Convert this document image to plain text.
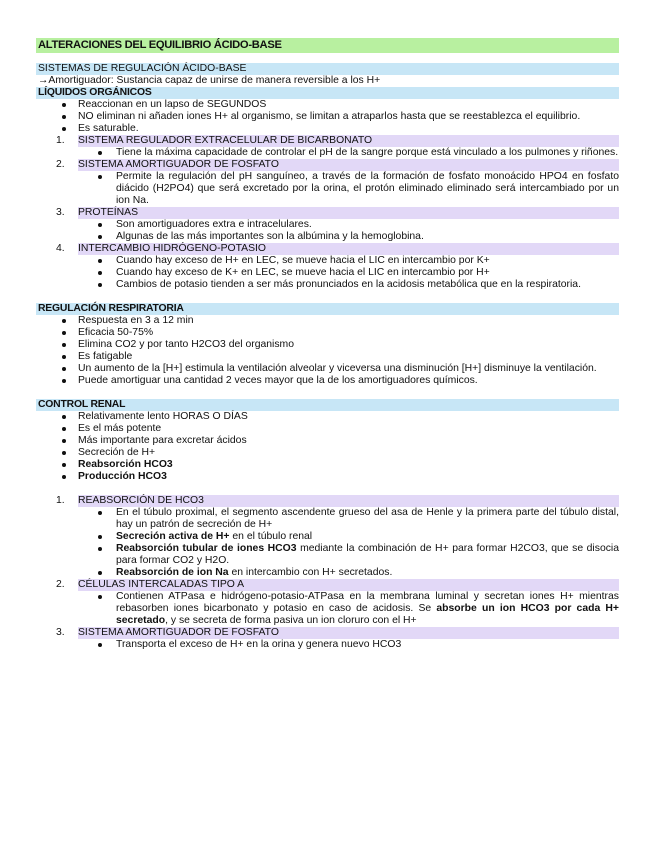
ALTERACIONES DEL EQUILIBRIO ÁCIDO-BASE
SISTEMAS DE REGULACIÓN ÁCIDO-BASE
→Amortiguador: Sustancia capaz de unirse de manera reversible a los H+
LÍQUIDOS ORGÁNICOS
Reaccionan en un lapso de SEGUNDOS
NO eliminan ni añaden iones H+ al organismo, se limitan a atraparlos hasta que se reestablezca el equilibrio.
Es saturable.
1. SISTEMA REGULADOR EXTRACELULAR DE BICARBONATO
Tiene la máxima capacidade de controlar el pH de la sangre porque está vinculado a los pulmones y riñones.
2. SISTEMA AMORTIGUADOR DE FOSFATO
Permite la regulación del pH sanguíneo, a través de la formación de fosfato monoácido HPO4 en fosfato diácido (H2PO4) que será excretado por la orina, el protón eliminado eliminado será intercambiado por un ion Na.
3. PROTEÍNAS
Son amortiguadores extra e intracelulares.
Algunas de las más importantes son la albúmina y la hemoglobina.
4. INTERCAMBIO HIDRÓGENO-POTASIO
Cuando hay exceso de H+ en LEC, se mueve hacia el LIC en intercambio por K+
Cuando hay exceso de K+ en LEC, se mueve hacia el LIC en intercambio por H+
Cambios de potasio tienden a ser más pronunciados en la acidosis metabólica que en la respiratoria.
REGULACIÓN RESPIRATORIA
Respuesta en 3 a 12 min
Eficacia 50-75%
Elimina CO2 y por tanto H2CO3 del organismo
Es fatigable
Un aumento de la [H+] estimula la ventilación alveolar y viceversa una disminución [H+] disminuye la ventilación.
Puede amortiguar una cantidad 2 veces mayor que la de los amortiguadores químicos.
CONTROL RENAL
Relativamente lento HORAS O DÍAS
Es el más potente
Más importante para excretar ácidos
Secreción de H+
Reabsorción HCO3
Producción HCO3
1. REABSORCIÓN DE HCO3
En el túbulo proximal, el segmento ascendente grueso del asa de Henle y la primera parte del túbulo distal, hay un patrón de secreción de H+
Secreción activa de H+ en el túbulo renal
Reabsorción tubular de iones HCO3 mediante la combinación de H+ para formar H2CO3, que se disocia para formar CO2 y H2O.
Reabsorción de ion Na en intercambio con H+ secretados.
2. CÉLULAS INTERCALADAS TIPO A
Contienen ATPasa e hidrógeno-potasio-ATPasa en la membrana luminal y secretan iones H+ mientras rebasorben iones bicarbonato y potasio en caso de acidosis. Se absorbe un ion HCO3 por cada H+ secretado, y se secreta de forma pasiva un ion cloruro con el H+
3. SISTEMA AMORTIGUADOR DE FOSFATO
Transporta el exceso de H+ en la orina y genera nuevo HCO3
